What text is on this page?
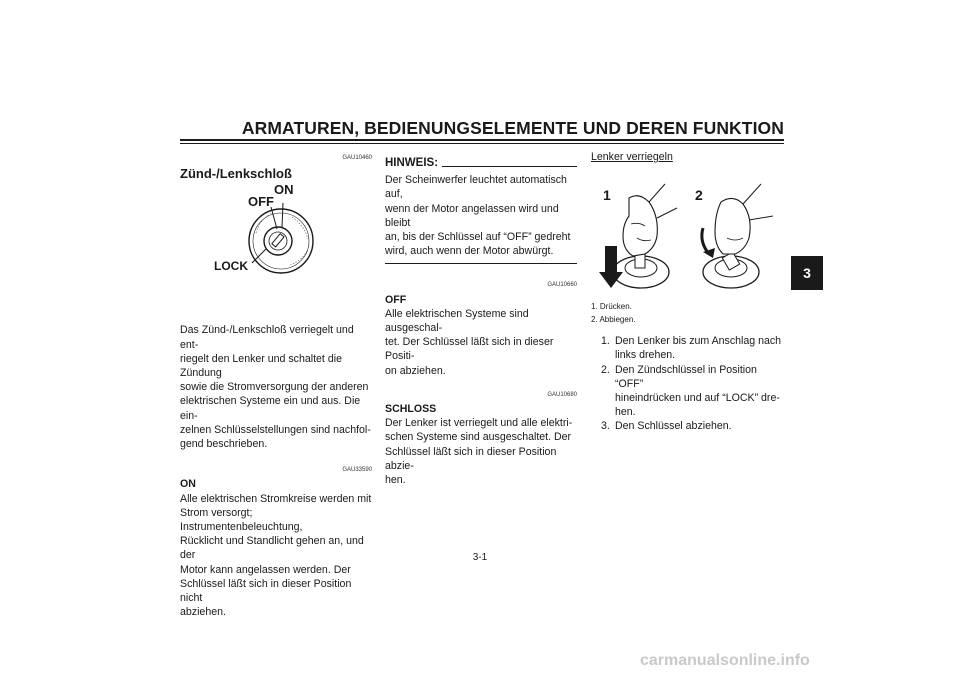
ARMATUREN, BEDIENUNGSELEMENTE UND DEREN FUNKTION
3
GAU10460
Zünd-/Lenkschloß
ON
OFF
LOCK

Das Zünd-/Lenkschloß verriegelt und ent-

riegelt den Lenker und schaltet die Zündung

sowie die Stromversorgung der anderen

elektrischen Systeme ein und aus. Die ein-

zelnen Schlüsselstellungen sind nachfol-

gend beschrieben.

GAU33590
ON

Alle elektrischen Stromkreise werden mit

Strom versorgt; Instrumentenbeleuchtung,

Rücklicht und Standlicht gehen an, und der

Motor kann angelassen werden. Der

Schlüssel läßt sich in dieser Position nicht

abziehen.

HINWEIS:

Der Scheinwerfer leuchtet automatisch auf,

wenn der Motor angelassen wird und bleibt

an, bis der Schlüssel auf “OFF” gedreht

wird, auch wenn der Motor abwürgt.

GAU10660
OFF

Alle elektrischen Systeme sind ausgeschal-

tet. Der Schlüssel läßt sich in dieser Positi-

on abziehen.

GAU10680
SCHLOSS

Der Lenker ist verriegelt und alle elektri-

schen Systeme sind ausgeschaltet. Der

Schlüssel läßt sich in dieser Position abzie-

hen.

Lenker verriegeln
1	2

1. Drücken.

2. Abbiegen.

1. Den Lenker bis zum Anschlag nach

links drehen.

2. Den Zündschlüssel in Position “OFF”

hineindrücken und auf “LOCK” dre-

hen.

3. Den Schlüssel abziehen.

3-1
carmanualsonline.info
